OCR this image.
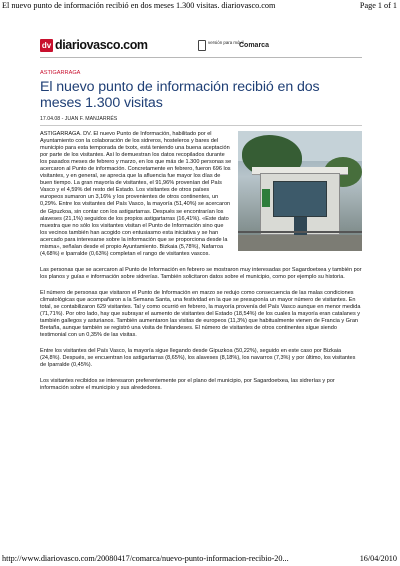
El nuevo punto de información recibió en dos meses 1.300 visitas. diariovasco.com	Page 1 of 1
dv diariovasco.com	versión para móvil
Comarca
ASTIGARRAGA
El nuevo punto de información recibió en dos meses 1.300 visitas
17.04.08 - JUAN F. MANJARRÉS

ASTIGARRAGA. DV. El nuevo Punto de Información, habilitado por el Ayuntamiento con la colaboración de los sidreros, hosteleros y bares del municipio para esta temporada de txotx, está teniendo una buena aceptación por parte de los visitantes. Así lo demuestran los datos recopilados durante los pasados meses de febrero y marzo, en los que más de 1.300 personas se acercaron al Punto de información. Concretamente en febrero, fueron 696 los visitantes, y en general, se aprecia que la afluencia fue mayor los días de buen tiempo. La gran mayoría de visitantes, el 91,96% provenían del País Vasco y el 4,59% del resto del Estado. Los visitantes de otros países europeos sumaron un 3,16% y los provenientes de otros continentes, un 0,29%. Entre los visitantes del País Vasco, la mayoría (51,40%) se acercaron de Gipuzkoa, sin contar con los astigartarras. Después se encontrarían los alaveses (21,1%) seguidos de los propios astigartarras (16,41%). «Este dato muestra que no sólo los visitantes visitan el Punto de Información sino que los vecinos también han acogido con entusiasmo esta iniciativa y se han acercado para interesarse sobre la información que se proporciona desde la misma», señalan desde el propio Ayuntamiento. Bizkaia (5,78%), Nafarroa (4,68%) e Iparralde (0,63%) completan el rango de visitantes vascos.

Las personas que se acercaron al Punto de Información en febrero se mostraron muy interesadas por Sagardoetxea y también por los planos y guías e información sobre sidrerías. También solicitaron datos sobre el municipio, como por ejemplo su historia.

El número de personas que visitaron el Punto de Información en marzo se redujo como consecuencia de las malas condiciones climatológicas que acompañaron a la Semana Santa, una festividad en la que se presuponía un mayor número de visitantes. En total, se contabilizaron 629 visitantes. Tal y como ocurrió en febrero, la mayoría provenía del País Vasco aunque en menor medida (71,71%). Por otro lado, hay que subrayar el aumento de visitantes del Estado (18,54%) de los cuales la mayoría eran catalanes y también gallegos y asturianos. También aumentaron las visitas de europeos (11,3%) que habitualmente vienen de Francia y Gran Bretaña, aunque también se registró una visita de finlandeses. El número de visitantes de otros continentes sigue siendo testimonial con un 0,35% de las visitas.

Entre los visitantes del País Vasco, la mayoría sigue llegando desde Gipuzkoa (50,22%), seguido en este caso por Bizkaia (24,8%). Después, se encuentran los astigartarras (8,65%), los alaveses (8,18%), los navarros (7,3%) y por último, los visitantes de Iparralde (0,45%).

Los visitantes recibidos se interesaron preferentemente por el plano del municipio, por Sagardoetxea, las sidrerías y por información sobre el municipio y sus alrededores.

http://www.diariovasco.com/20080417/comarca/nuevo-punto-informacion-recibio-20...	16/04/2010
